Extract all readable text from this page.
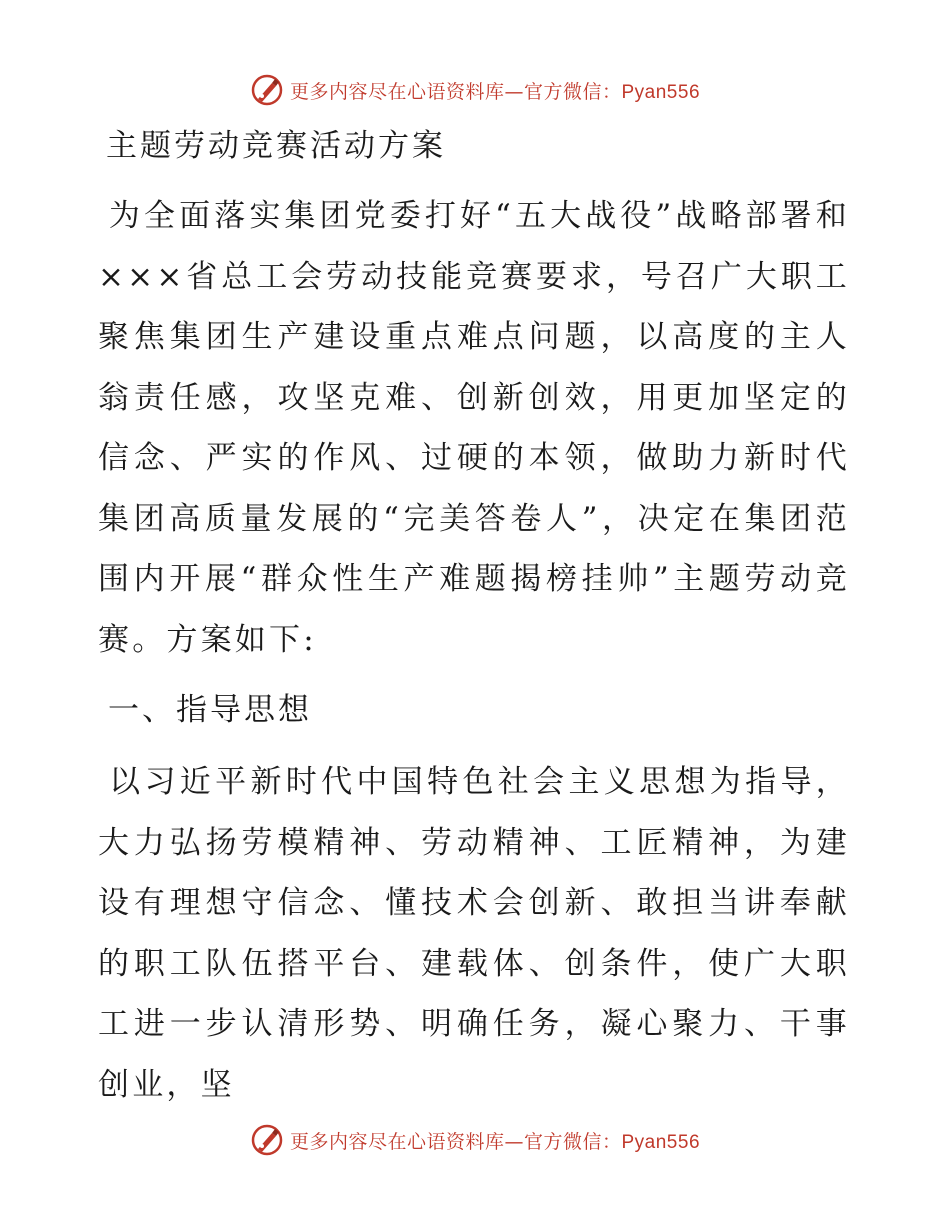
更多内容尽在心语资料库—官方微信：Pyan556
主题劳动竞赛活动方案

为全面落实集团党委打好“五大战役”战略部署和×××省总工会劳动技能竞赛要求，号召广大职工聚焦集团生产建设重点难点问题，以高度的主人翁责任感，攻坚克难、创新创效，用更加坚定的信念、严实的作风、过硬的本领，做助力新时代集团高质量发展的“完美答卷人”，决定在集团范围内开展“群众性生产难题揭榜挂帅”主题劳动竞赛。方案如下:

一、指导思想

以习近平新时代中国特色社会主义思想为指导，大力弘扬劳模精神、劳动精神、工匠精神，为建设有理想守信念、懂技术会创新、敢担当讲奉献的职工队伍搭平台、建载体、创条件，使广大职工进一步认清形势、明确任务，凝心聚力、干事创业，坚

更多内容尽在心语资料库—官方微信：Pyan556
